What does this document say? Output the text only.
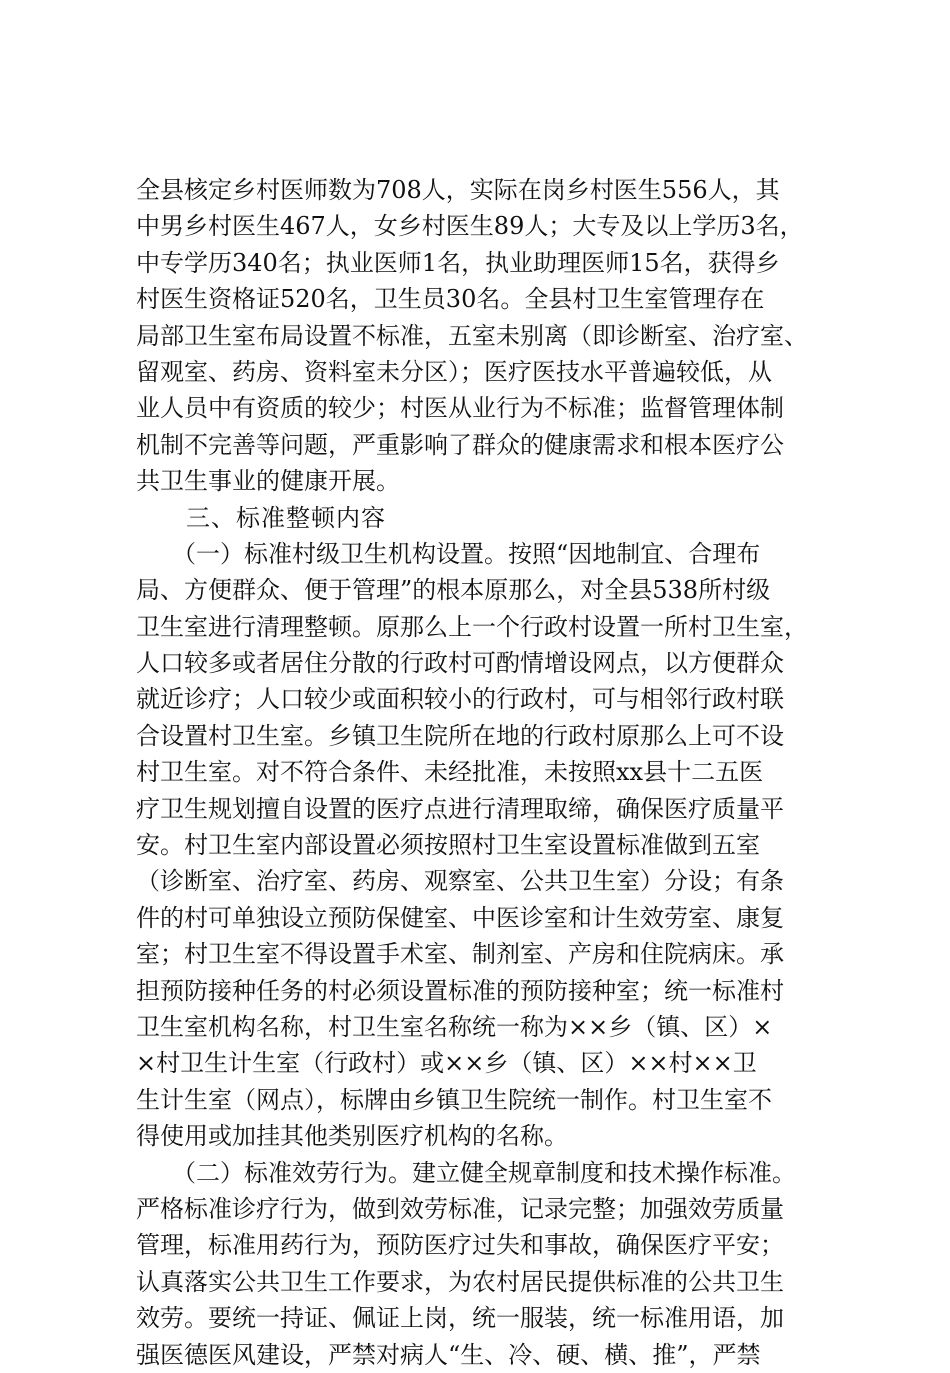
全县核定乡村医师数为708人，实际在岗乡村医生556人，其
中男乡村医生467人，女乡村医生89人；大专及以上学历3名，
中专学历340名；执业医师1名，执业助理医师15名，获得乡
村医生资格证520名，卫生员30名。全县村卫生室管理存在
局部卫生室布局设置不标准，五室未别离（即诊断室、治疗室、
留观室、药房、资料室未分区）；医疗医技水平普遍较低，从
业人员中有资质的较少；村医从业行为不标准；监督管理体制
机制不完善等问题，严重影响了群众的健康需求和根本医疗公
共卫生事业的健康开展。
　　三、标准整顿内容
　　（一）标准村级卫生机构设置。按照“因地制宜、合理布
局、方便群众、便于管理”的根本原那么，对全县538所村级
卫生室进行清理整顿。原那么上一个行政村设置一所村卫生室，
人口较多或者居住分散的行政村可酌情增设网点，以方便群众
就近诊疗；人口较少或面积较小的行政村，可与相邻行政村联
合设置村卫生室。乡镇卫生院所在地的行政村原那么上可不设
村卫生室。对不符合条件、未经批准，未按照xx县十二五医
疗卫生规划擅自设置的医疗点进行清理取缔，确保医疗质量平
安。村卫生室内部设置必须按照村卫生室设置标准做到五室
（诊断室、治疗室、药房、观察室、公共卫生室）分设；有条
件的村可单独设立预防保健室、中医诊室和计生效劳室、康复
室；村卫生室不得设置手术室、制剂室、产房和住院病床。承
担预防接种任务的村必须设置标准的预防接种室；统一标准村
卫生室机构名称，村卫生室名称统一称为××乡（镇、区）×
×村卫生计生室（行政村）或××乡（镇、区）××村××卫
生计生室（网点），标牌由乡镇卫生院统一制作。村卫生室不
得使用或加挂其他类别医疗机构的名称。
　　（二）标准效劳行为。建立健全规章制度和技术操作标准。
严格标准诊疗行为，做到效劳标准，记录完整；加强效劳质量
管理，标准用药行为，预防医疗过失和事故，确保医疗平安；
认真落实公共卫生工作要求，为农村居民提供标准的公共卫生
效劳。要统一持证、佩证上岗，统一服装，统一标准用语，加
强医德医风建设，严禁对病人“生、冷、硬、横、推”，严禁
